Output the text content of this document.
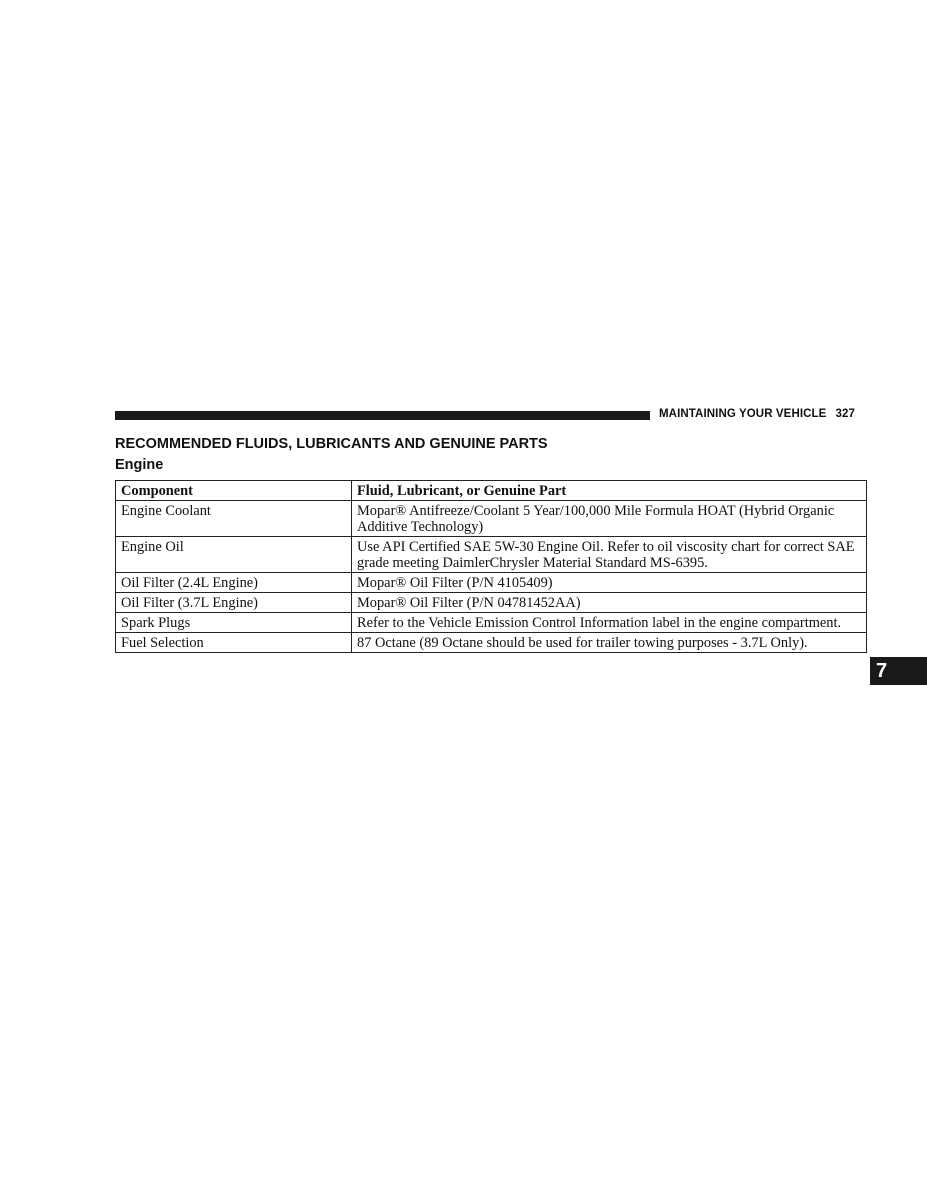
MAINTAINING YOUR VEHICLE 327
RECOMMENDED FLUIDS, LUBRICANTS AND GENUINE PARTS
Engine
Component	Fluid, Lubricant, or Genuine Part
Engine Coolant	Mopar® Antifreeze/Coolant 5 Year/100,000 Mile Formula HOAT (Hybrid Organic Additive Technology)
Engine Oil	Use API Certified SAE 5W-30 Engine Oil. Refer to oil viscosity chart for correct SAE grade meeting DaimlerChrysler Material Standard MS-6395.
Oil Filter (2.4L Engine)	Mopar® Oil Filter (P/N 4105409)
Oil Filter (3.7L Engine)	Mopar® Oil Filter (P/N 04781452AA)
Spark Plugs	Refer to the Vehicle Emission Control Information label in the engine compartment.
Fuel Selection	87 Octane (89 Octane should be used for trailer towing purposes - 3.7L Only).
7
